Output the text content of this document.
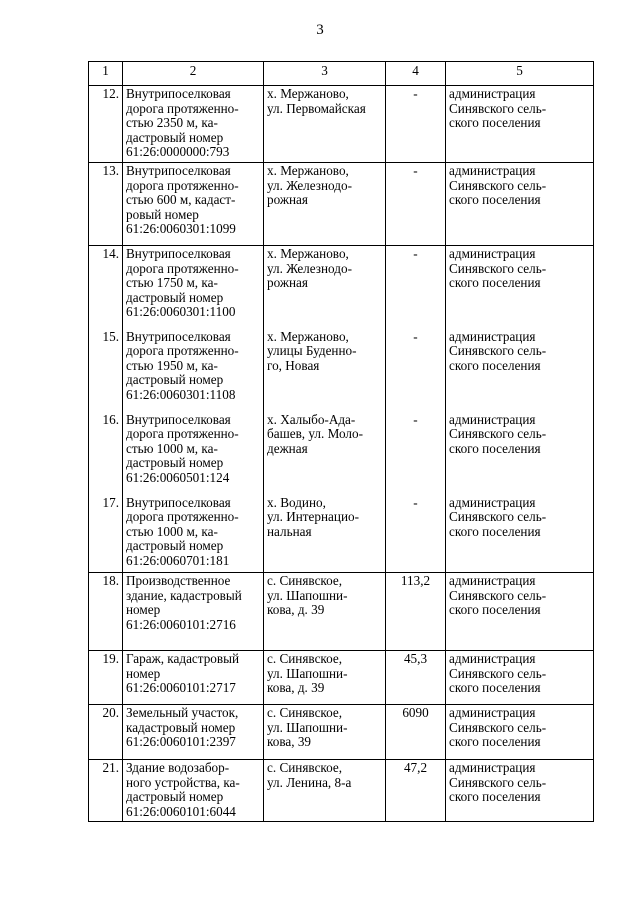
3
1	2	3	4	5
12.	Внутрипоселковая
дорога протяженно-
стью 2350 м, ка-
дастровый номер
61:26:0000000:793	х. Мержаново,
ул. Первомайская	-	администрация
Синявского сель-
ского поселения

13.	Внутрипоселковая
дорога протяженно-
стью 600 м, кадаст-
ровый номер
61:26:0060301:1099	х. Мержаново,
ул. Железнодо-
рожная	-	администрация
Синявского сель-
ского поселения

14.	Внутрипоселковая
дорога протяженно-
стью 1750 м, ка-
дастровый номер
61:26:0060301:1100	х. Мержаново,
ул. Железнодо-
рожная	-	администрация
Синявского сель-
ского поселения

15.	Внутрипоселковая
дорога протяженно-
стью 1950 м, ка-
дастровый номер
61:26:0060301:1108	х. Мержаново,
улицы Буденно-
го, Новая	-	администрация
Синявского сель-
ского поселения

16.	Внутрипоселковая
дорога протяженно-
стью 1000 м, ка-
дастровый номер
61:26:0060501:124	х. Халыбо-Ада-
башев, ул. Моло-
дежная	-	администрация
Синявского сель-
ского поселения

17.	Внутрипоселковая
дорога протяженно-
стью 1000 м, ка-
дастровый номер
61:26:0060701:181	х. Водино,
ул. Интернацио-
нальная	-	администрация
Синявского сель-
ского поселения

18.	Производственное
здание, кадастровый
номер
61:26:0060101:2716	с. Синявское,
ул. Шапошни-
кова, д. 39	113,2	администрация
Синявского сель-
ского поселения

19.	Гараж, кадастровый
номер
61:26:0060101:2717	с. Синявское,
ул. Шапошни-
кова, д. 39	45,3	администрация
Синявского сель-
ского поселения

20.	Земельный участок,
кадастровый номер
61:26:0060101:2397	с. Синявское,
ул. Шапошни-
кова, 39	6090	администрация
Синявского сель-
ского поселения

21.	Здание водозабор-
ного устройства, ка-
дастровый номер
61:26:0060101:6044	с. Синявское,
ул. Ленина, 8-а	47,2	администрация
Синявского сель-
ского поселения
